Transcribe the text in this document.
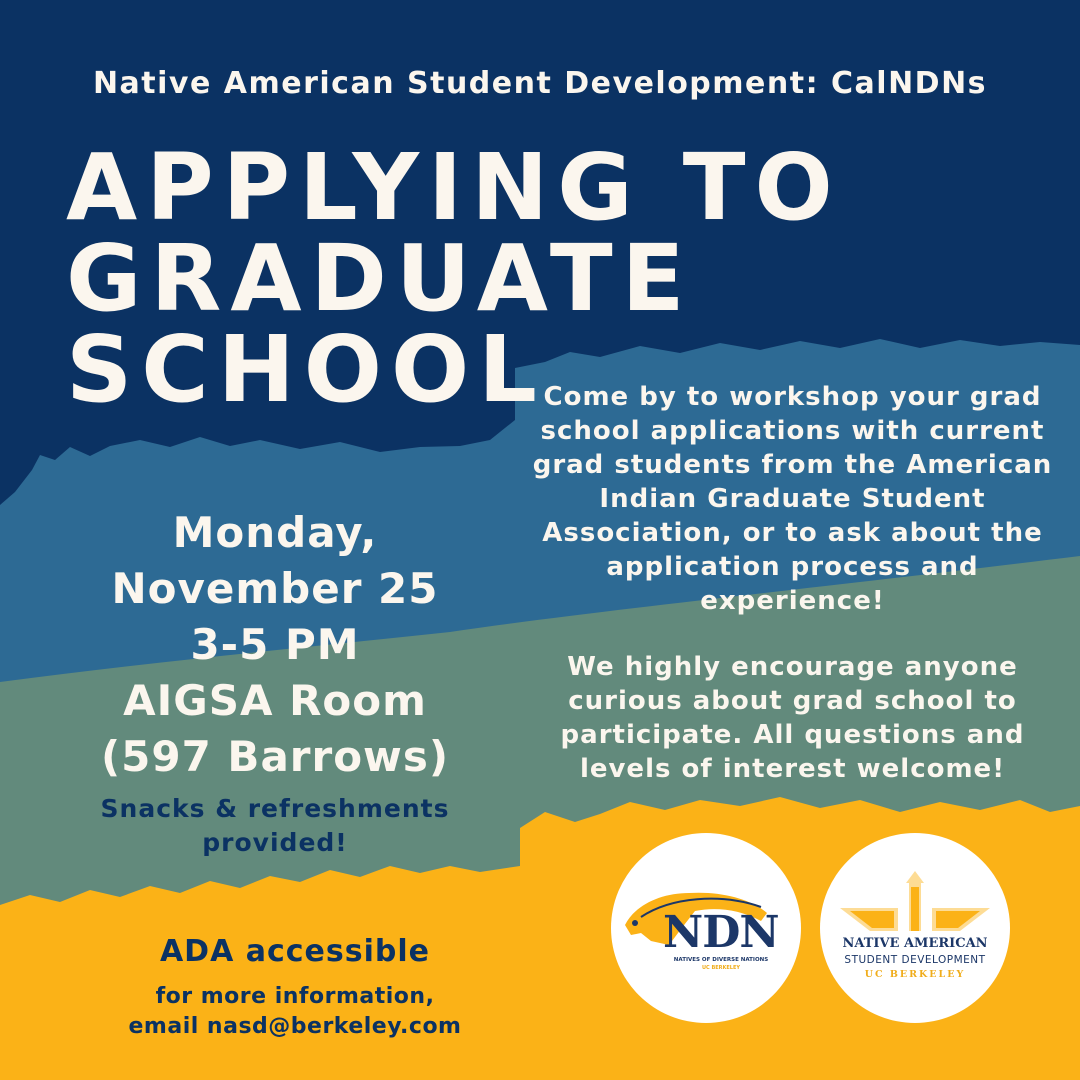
Native American Student Development: CalNDNs
APPLYING TO
GRADUATE
SCHOOL
Monday,
November 25
3-5 PM
AIGSA Room
(597 Barrows)
Snacks & refreshments provided!
Come by to workshop your grad school applications with current grad students from the American Indian Graduate Student Association, or to ask about the application process and experience!
We highly encourage anyone curious about grad school to participate. All questions and levels of interest welcome!
ADA accessible
for more information,
email nasd@berkeley.com
NDN
NATIVES OF DIVERSE NATIONS
UC BERKELEY
NATIVE AMERICAN
STUDENT DEVELOPMENT
UC BERKELEY
